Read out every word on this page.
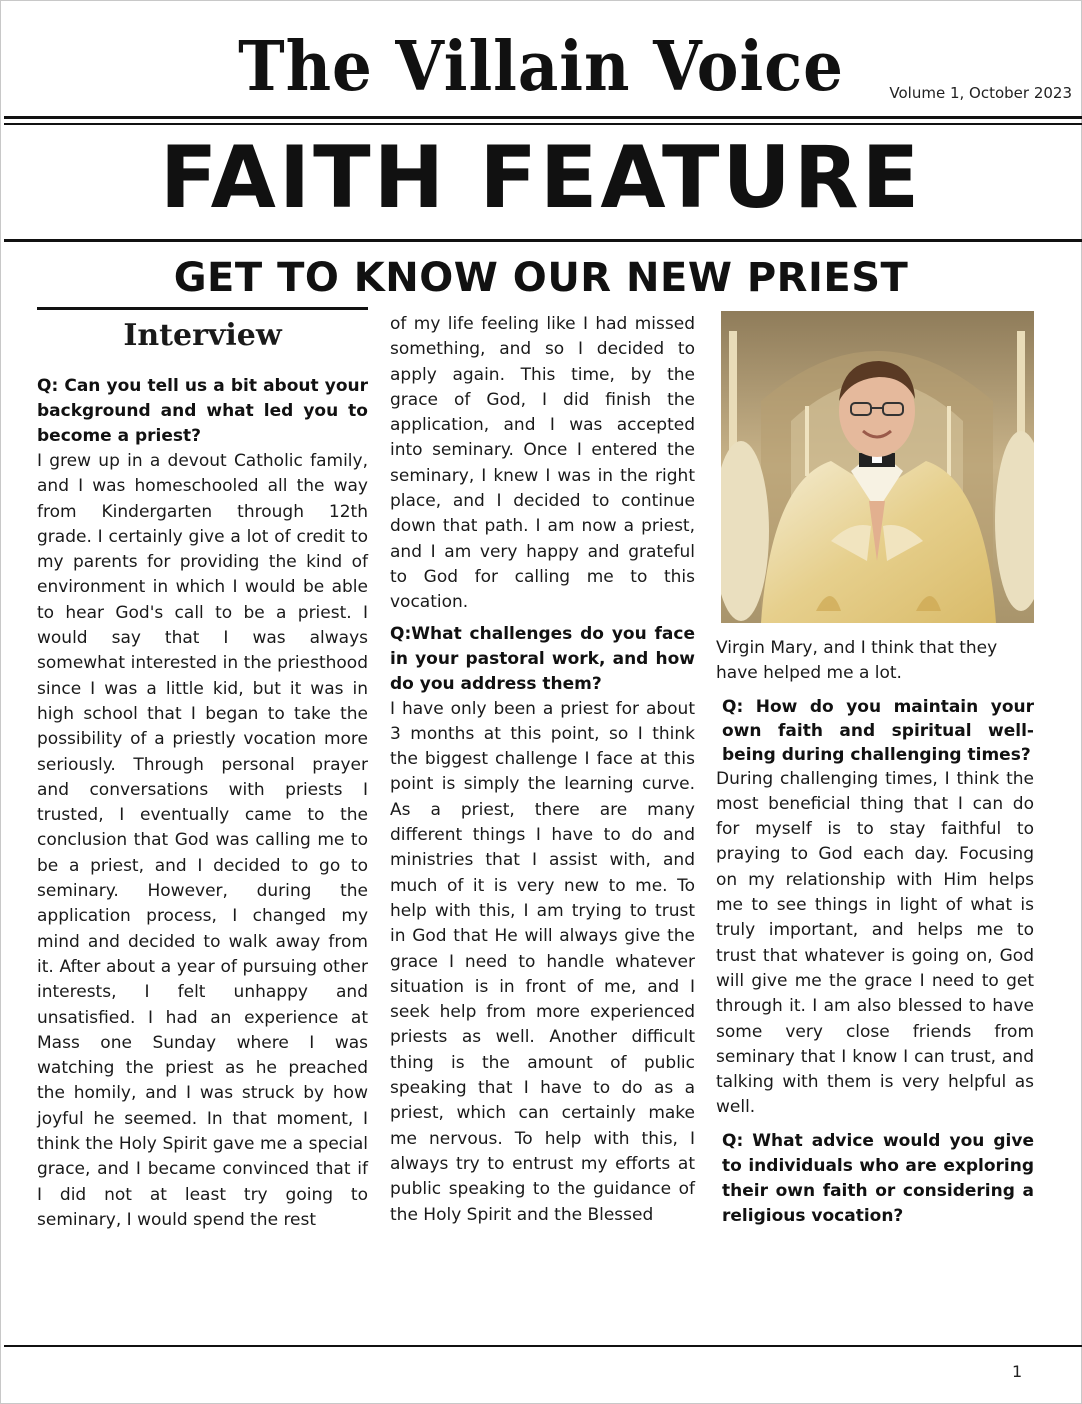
The Villain Voice	Volume 1, October 2023
FAITH FEATURE
GET TO KNOW OUR NEW PRIEST
Interview

Q: Can you tell us a bit about your background and what led you to become a priest?

I grew up in a devout Catholic family, and I was homeschooled all the way from Kindergarten through 12th grade. I certainly give a lot of credit to my parents for providing the kind of environment in which I would be able to hear God's call to be a priest. I would say that I was always somewhat interested in the priesthood since I was a little kid, but it was in high school that I began to take the possibility of a priestly vocation more seriously. Through personal prayer and conversations with priests I trusted, I eventually came to the conclusion that God was calling me to be a priest, and I decided to go to seminary. However, during the application process, I changed my mind and decided to walk away from it. After about a year of pursuing other interests, I felt unhappy and unsatisfied. I had an experience at Mass one Sunday where I was watching the priest as he preached the homily, and I was struck by how joyful he seemed. In that moment, I think the Holy Spirit gave me a special grace, and I became convinced that if I did not at least try going to seminary, I would spend the rest

of my life feeling like I had missed something, and so I decided to apply again. This time, by the grace of God, I did finish the application, and I was accepted into seminary. Once I entered the seminary, I knew I was in the right place, and I decided to continue down that path. I am now a priest, and I am very happy and grateful to God for calling me to this vocation.

Q:What challenges do you face in your pastoral work, and how do you address them?

I have only been a priest for about 3 months at this point, so I think the biggest challenge I face at this point is simply the learning curve. As a priest, there are many different things I have to do and ministries that I assist with, and much of it is very new to me. To help with this, I am trying to trust in God that He will always give the grace I need to handle whatever situation is in front of me, and I seek help from more experienced priests as well. Another difficult thing is the amount of public speaking that I have to do as a priest, which can certainly make me nervous. To help with this, I always try to entrust my efforts at public speaking to the guidance of the Holy Spirit and the Blessed

Virgin Mary, and I think that they have helped me a lot.

Q: How do you maintain your own faith and spiritual well-being during challenging times?

During challenging times, I think the most beneficial thing that I can do for myself is to stay faithful to praying to God each day. Focusing on my relationship with Him helps me to see things in light of what is truly important, and helps me to trust that whatever is going on, God will give me the grace I need to get through it. I am also blessed to have some very close friends from seminary that I know I can trust, and talking with them is very helpful as well.

Q: What advice would you give to individuals who are exploring their own faith or considering a religious vocation?

1
